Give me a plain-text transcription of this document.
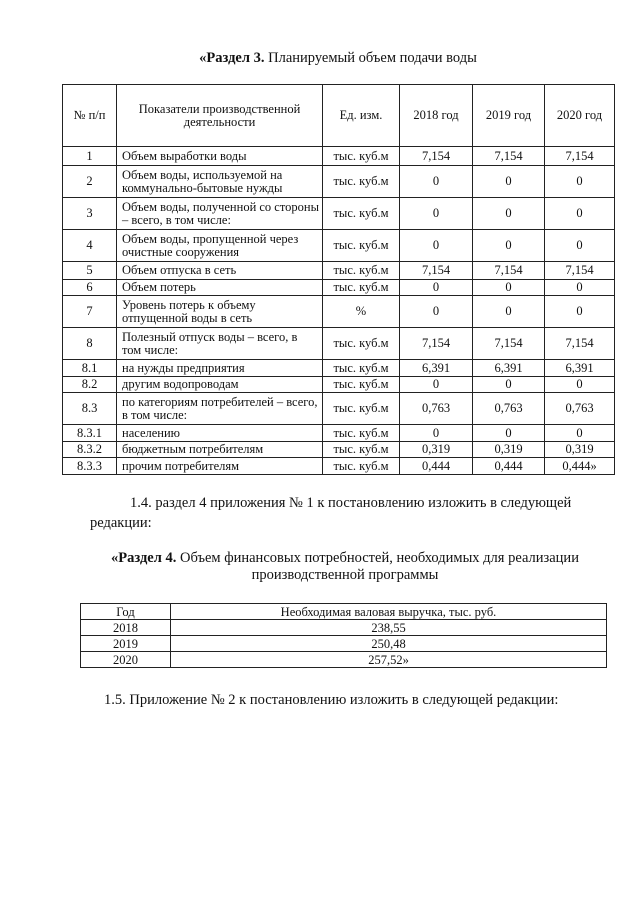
«Раздел 3. Планируемый объем подачи воды
№ п/п	Показатели производственной деятельности	Ед. изм.	2018 год	2019 год	2020 год
1	Объем выработки воды	тыс. куб.м	7,154	7,154	7,154
2	Объем воды, используемой на коммунально-бытовые нужды	тыс. куб.м	0	0	0
3	Объем воды, полученной со стороны – всего, в том числе:	тыс. куб.м	0	0	0
4	Объем воды, пропущенной через очистные сооружения	тыс. куб.м	0	0	0
5	Объем отпуска в сеть	тыс. куб.м	7,154	7,154	7,154
6	Объем потерь	тыс. куб.м	0	0	0
7	Уровень потерь к объему отпущенной воды в сеть	%	0	0	0
8	Полезный отпуск воды – всего, в том числе:	тыс. куб.м	7,154	7,154	7,154
8.1	на нужды предприятия	тыс. куб.м	6,391	6,391	6,391
8.2	другим водопроводам	тыс. куб.м	0	0	0
8.3	по категориям потребителей – всего, в том числе:	тыс. куб.м	0,763	0,763	0,763
8.3.1	населению	тыс. куб.м	0	0	0
8.3.2	бюджетным потребителям	тыс. куб.м	0,319	0,319	0,319
8.3.3	прочим потребителям	тыс. куб.м	0,444	0,444	0,444»
1.4. раздел 4 приложения № 1 к постановлению изложить в следующей редакции:
«Раздел 4. Объем финансовых потребностей, необходимых для реализации производственной программы
Год	Необходимая валовая выручка, тыс. руб.
2018	238,55
2019	250,48
2020	257,52»
1.5. Приложение № 2 к постановлению изложить в следующей редакции:
